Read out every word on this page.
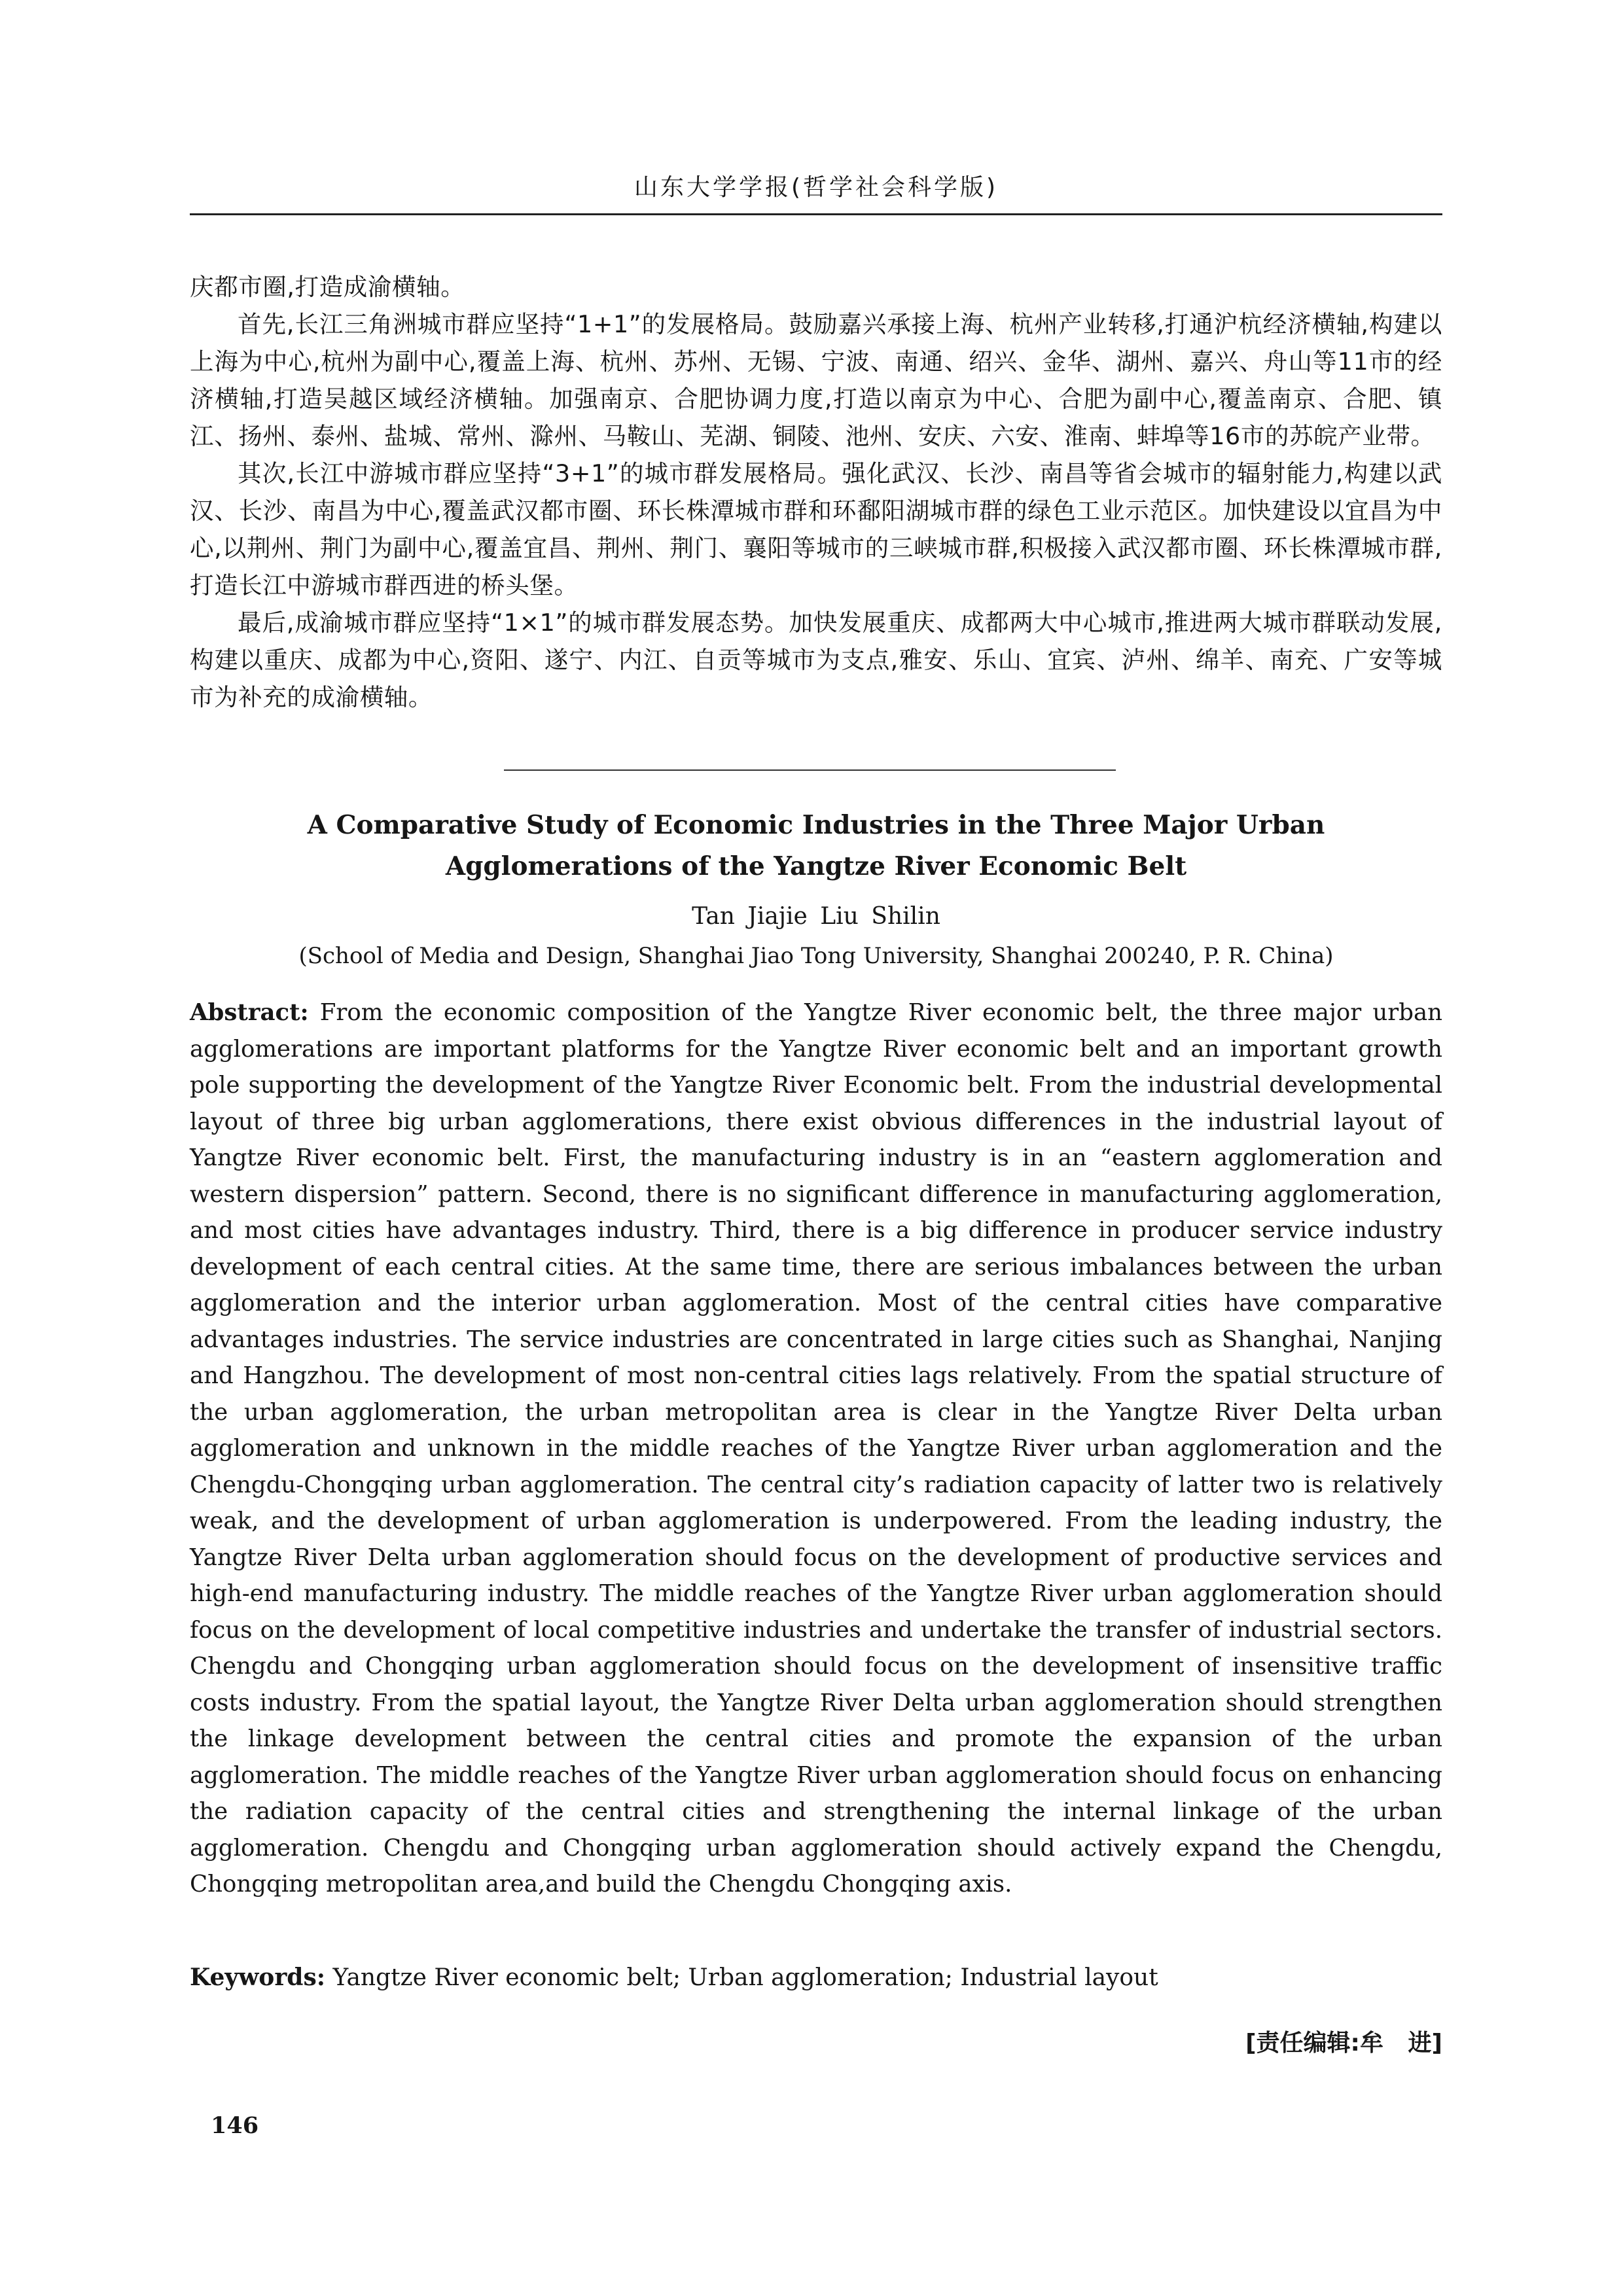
山东大学学报(哲学社会科学版)

庆都市圈,打造成渝横轴。

首先,长江三角洲城市群应坚持“1+1”的发展格局。鼓励嘉兴承接上海、杭州产业转移,打通沪杭经济横轴,构建以上海为中心,杭州为副中心,覆盖上海、杭州、苏州、无锡、宁波、南通、绍兴、金华、湖州、嘉兴、舟山等11市的经济横轴,打造吴越区域经济横轴。加强南京、合肥协调力度,打造以南京为中心、合肥为副中心,覆盖南京、合肥、镇江、扬州、泰州、盐城、常州、滁州、马鞍山、芜湖、铜陵、池州、安庆、六安、淮南、蚌埠等16市的苏皖产业带。

其次,长江中游城市群应坚持“3+1”的城市群发展格局。强化武汉、长沙、南昌等省会城市的辐射能力,构建以武汉、长沙、南昌为中心,覆盖武汉都市圈、环长株潭城市群和环鄱阳湖城市群的绿色工业示范区。加快建设以宜昌为中心,以荆州、荆门为副中心,覆盖宜昌、荆州、荆门、襄阳等城市的三峡城市群,积极接入武汉都市圈、环长株潭城市群,打造长江中游城市群西进的桥头堡。

最后,成渝城市群应坚持“1×1”的城市群发展态势。加快发展重庆、成都两大中心城市,推进两大城市群联动发展,构建以重庆、成都为中心,资阳、遂宁、内江、自贡等城市为支点,雅安、乐山、宜宾、泸州、绵羊、南充、广安等城市为补充的成渝横轴。

A Comparative Study of Economic Industries in the Three Major Urban
Agglomerations of the Yangtze River Economic Belt
Tan Jiajie Liu Shilin
(School of Media and Design, Shanghai Jiao Tong University, Shanghai 200240, P. R. China)
Abstract: From the economic composition of the Yangtze River economic belt, the three major urban agglomerations are important platforms for the Yangtze River economic belt and an important growth pole supporting the development of the Yangtze River Economic belt. From the industrial developmental layout of three big urban agglomerations, there exist obvious differences in the industrial layout of Yangtze River economic belt. First, the manufacturing industry is in an “eastern agglomeration and western dispersion” pattern. Second, there is no significant difference in manufacturing agglomeration, and most cities have advantages industry. Third, there is a big difference in producer service industry development of each central cities. At the same time, there are serious imbalances between the urban agglomeration and the interior urban agglomeration. Most of the central cities have comparative advantages industries. The service industries are concentrated in large cities such as Shanghai, Nanjing and Hangzhou. The development of most non-central cities lags relatively. From the spatial structure of the urban agglomeration, the urban metropolitan area is clear in the Yangtze River Delta urban agglomeration and unknown in the middle reaches of the Yangtze River urban agglomeration and the Chengdu-Chongqing urban agglomeration. The central city’s radiation capacity of latter two is relatively weak, and the development of urban agglomeration is underpowered. From the leading industry, the Yangtze River Delta urban agglomeration should focus on the development of productive services and high-end manufacturing industry. The middle reaches of the Yangtze River urban agglomeration should focus on the development of local competitive industries and undertake the transfer of industrial sectors. Chengdu and Chongqing urban agglomeration should focus on the development of insensitive traffic costs industry. From the spatial layout, the Yangtze River Delta urban agglomeration should strengthen the linkage development between the central cities and promote the expansion of the urban agglomeration. The middle reaches of the Yangtze River urban agglomeration should focus on enhancing the radiation capacity of the central cities and strengthening the internal linkage of the urban agglomeration. Chengdu and Chongqing urban agglomeration should actively expand the Chengdu, Chongqing metropolitan area,and build the Chengdu Chongqing axis.
Keywords: Yangtze River economic belt; Urban agglomeration; Industrial layout
[责任编辑:牟   进]
146
